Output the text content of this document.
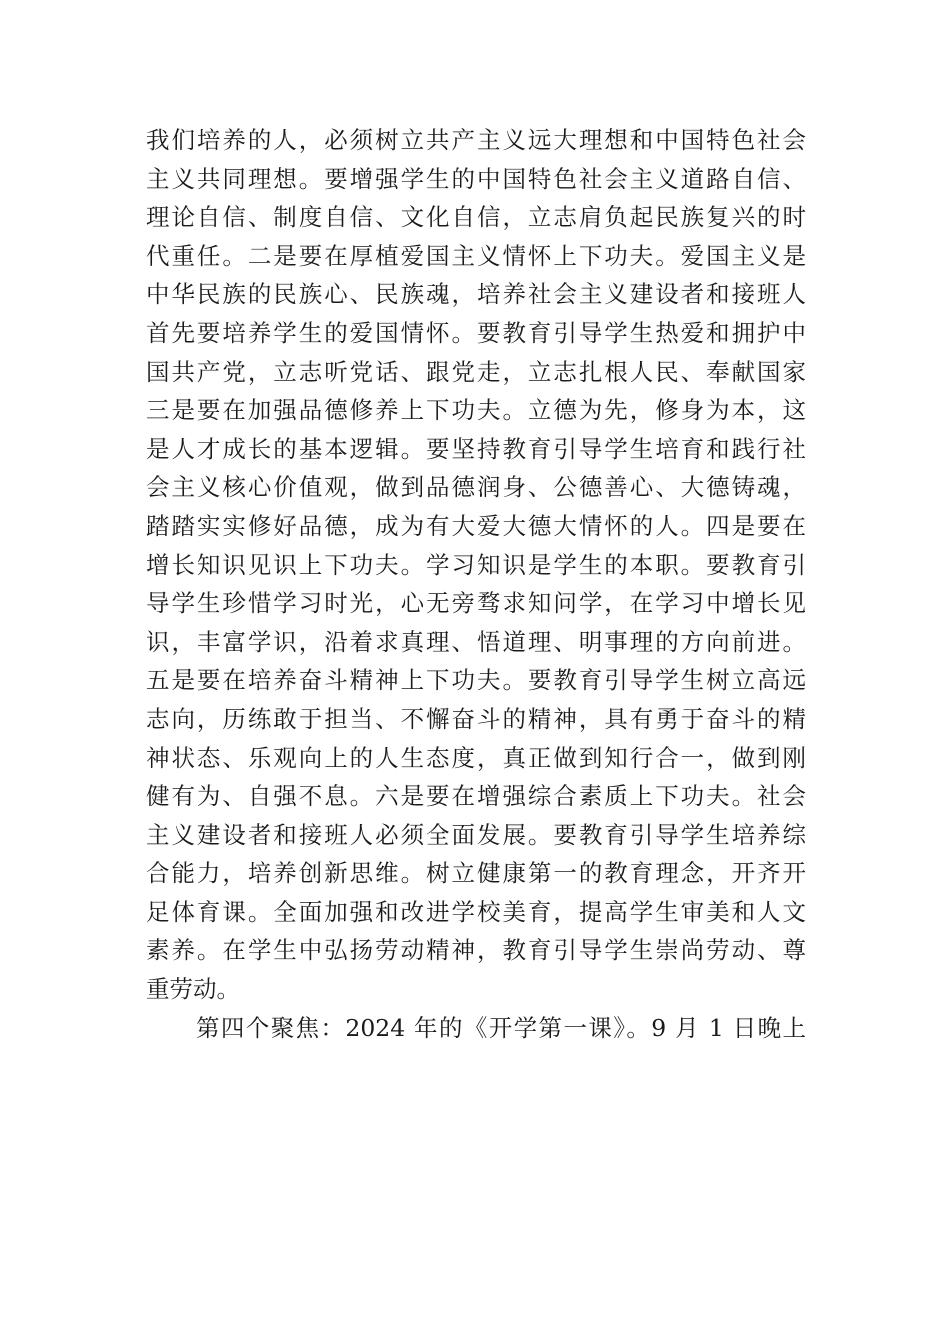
我们培养的人，必须树立共产主义远大理想和中国特色社会
主义共同理想。要增强学生的中国特色社会主义道路自信、
理论自信、制度自信、文化自信，立志肩负起民族复兴的时
代重任。二是要在厚植爱国主义情怀上下功夫。爱国主义是
中华民族的民族心、民族魂，培养社会主义建设者和接班人
首先要培养学生的爱国情怀。要教育引导学生热爱和拥护中
国共产党，立志听党话、跟党走，立志扎根人民、奉献国家
三是要在加强品德修养上下功夫。立德为先，修身为本，这
是人才成长的基本逻辑。要坚持教育引导学生培育和践行社
会主义核心价值观，做到品德润身、公德善心、大德铸魂，
踏踏实实修好品德，成为有大爱大德大情怀的人。四是要在
增长知识见识上下功夫。学习知识是学生的本职。要教育引
导学生珍惜学习时光，心无旁骛求知问学，在学习中增长见
识，丰富学识，沿着求真理、悟道理、明事理的方向前进。
五是要在培养奋斗精神上下功夫。要教育引导学生树立高远
志向，历练敢于担当、不懈奋斗的精神，具有勇于奋斗的精
神状态、乐观向上的人生态度，真正做到知行合一，做到刚
健有为、自强不息。六是要在增强综合素质上下功夫。社会
主义建设者和接班人必须全面发展。要教育引导学生培养综
合能力，培养创新思维。树立健康第一的教育理念，开齐开
足体育课。全面加强和改进学校美育，提高学生审美和人文
素养。在学生中弘扬劳动精神，教育引导学生崇尚劳动、尊
重劳动。
第四个聚焦：2024 年的《开学第一课》。9 月 1 日晚上
